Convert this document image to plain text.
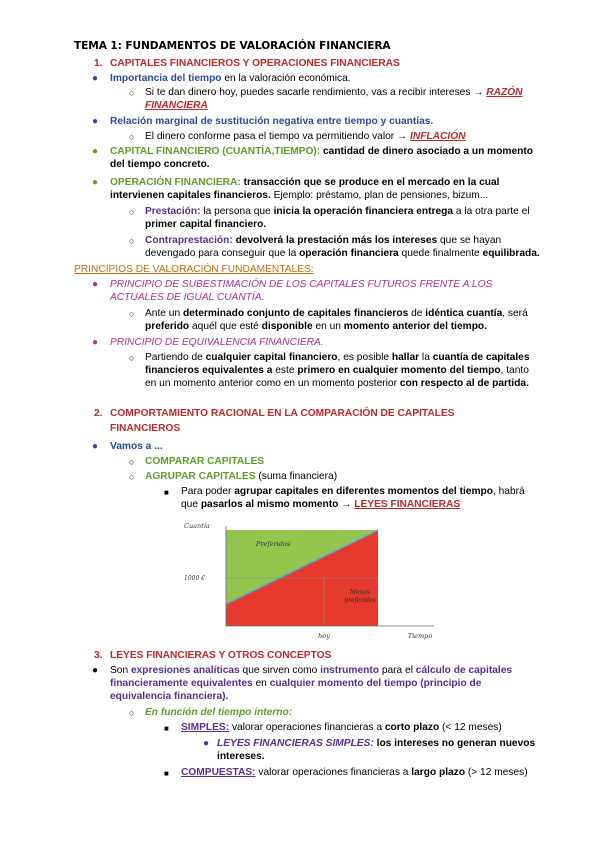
TEMA 1: FUNDAMENTOS DE VALORACIÓN FINANCIERA
1. CAPITALES FINANCIEROS Y OPERACIONES FINANCIERAS
● Importancia del tiempo en la valoración económica.
○ Si te dan dinero hoy, puedes sacarle rendimiento, vas a recibir intereses → RAZÓN
FINANCIERA
● Relación marginal de sustitución negativa entre tiempo y cuantías.
○ El dinero conforme pasa el tiempo va permitiendo valor → INFLACIÓN
● CAPITAL FINANCIERO (CUANTÍA,TIEMPO): cantidad de dinero asociado a un momento
del tiempo concreto.
● OPERACIÓN FINANCIERA: transacción que se produce en el mercado en la cual
intervienen capitales financieros. Ejemplo: préstamo, plan de pensiones, bizum...
○ Prestación: la persona que inicia la operación financiera entrega a la otra parte el
primer capital financiero.
○ Contraprestación: devolverá la prestación más los intereses que se hayan
devengado para conseguir que la operación financiera quede finalmente equilibrada.
PRINCIPIOS DE VALORACIÓN FUNDAMENTALES:
● PRINCIPIO DE SUBESTIMACIÓN DE LOS CAPITALES FUTUROS FRENTE A LOS
ACTUALES DE IGUAL CUANTÍA.
○ Ante un determinado conjunto de capitales financieros de idéntica cuantía, será
preferido aquél que esté disponible en un momento anterior del tiempo.
● PRINCIPIO DE EQUIVALENCIA FINANCIERA.
○ Partiendo de cualquier capital financiero, es posible hallar la cuantía de capitales
financieros equivalentes a este primero en cualquier momento del tiempo, tanto
en un momento anterior como en un momento posterior con respecto al de partida.
2. COMPORTAMIENTO RACIONAL EN LA COMPARACIÓN DE CAPITALES
FINANCIEROS
● Vamos a ...
○ COMPARAR CAPITALES
○ AGRUPAR CAPITALES (suma financiera)
■ Para poder agrupar capitales en diferentes momentos del tiempo, habrá
que pasarlos al mismo momento → LEYES FINANCIERAS
Cuantía
1000 €
hoy	Tiempo
Preferidos
Menos preferidos
3. LEYES FINANCIERAS Y OTROS CONCEPTOS
● Son expresiones analíticas que sirven como instrumento para el cálculo de capitales
financieramente equivalentes en cualquier momento del tiempo (principio de
equivalencia financiera).
○ En función del tiempo interno:
■ SIMPLES: valorar operaciones financieras a corto plazo (< 12 meses)
● LEYES FINANCIERAS SIMPLES: los intereses no generan nuevos
intereses.
■ COMPUESTAS: valorar operaciones financieras a largo plazo (> 12 meses)
